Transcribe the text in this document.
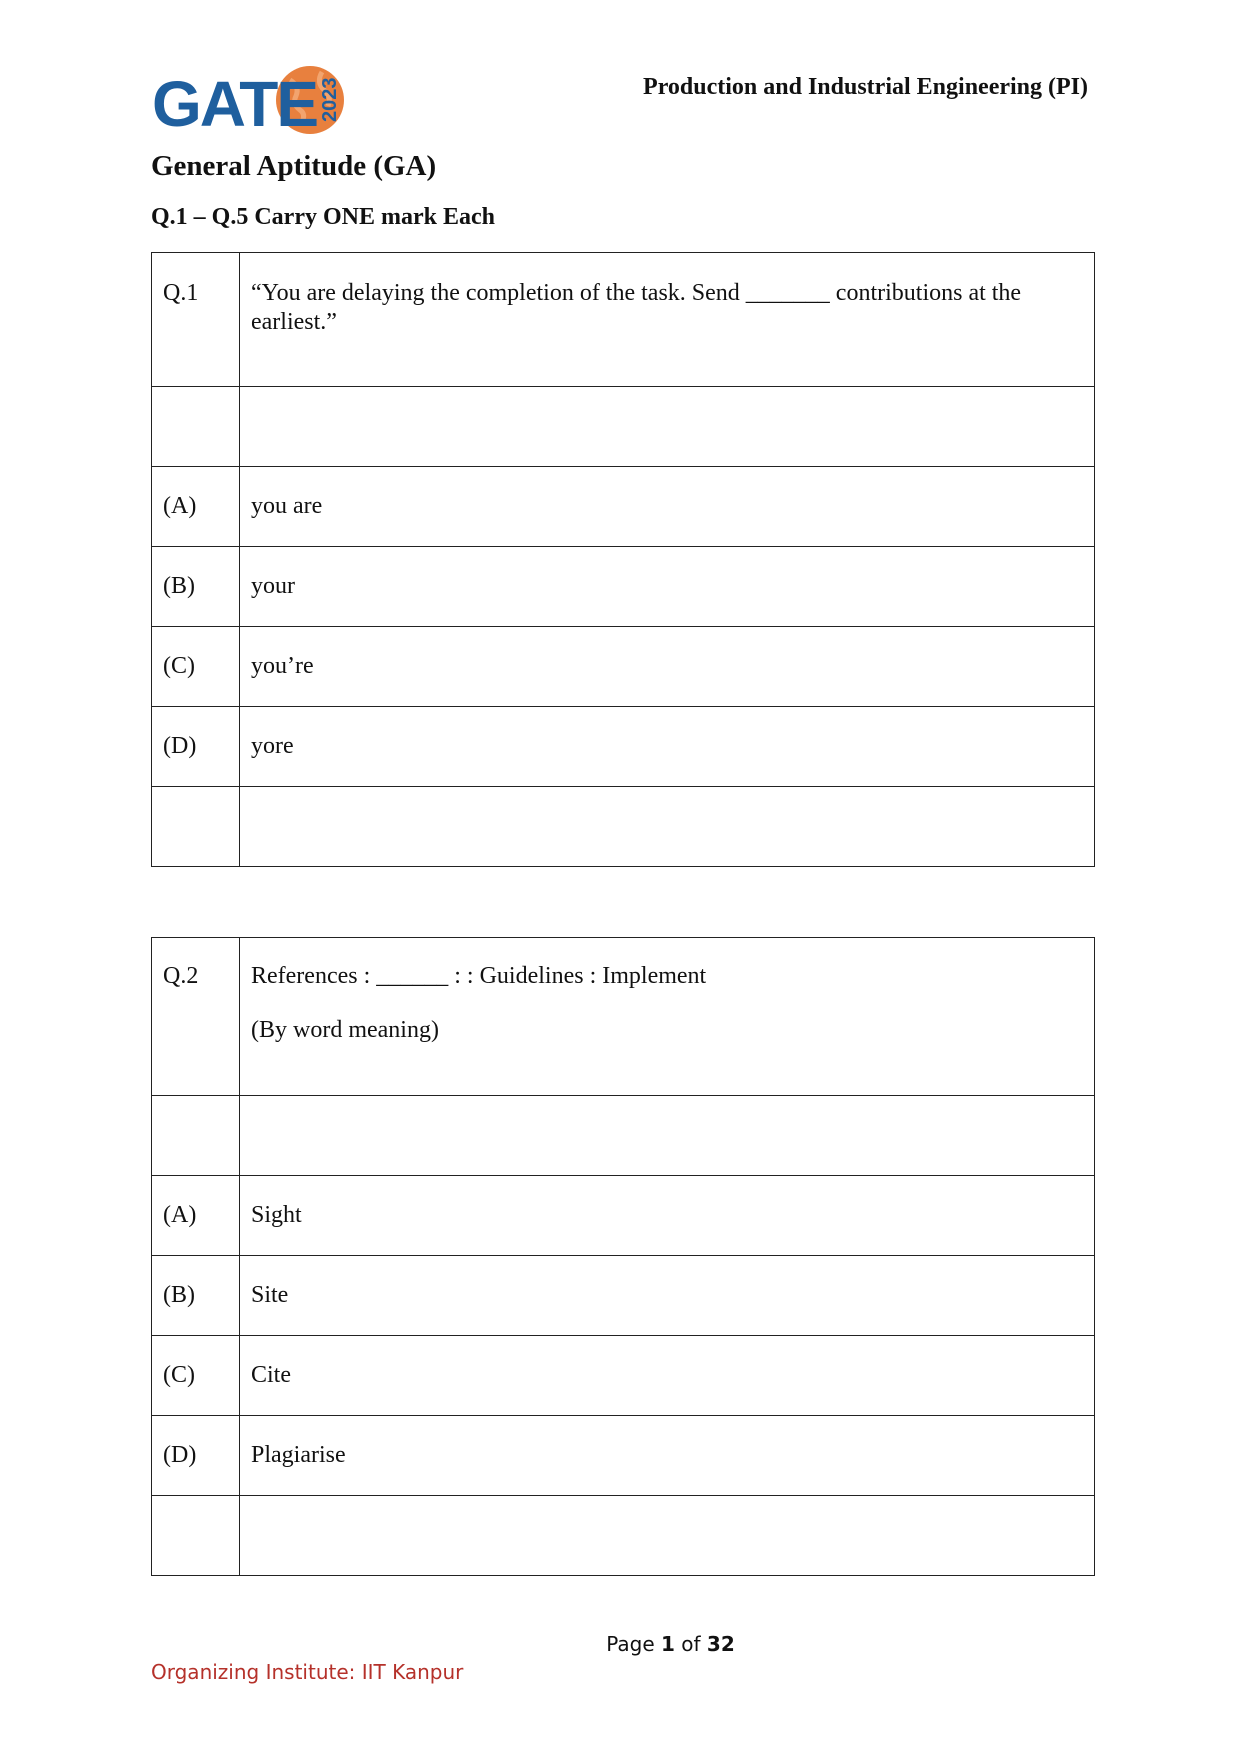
GATE 2023	Production and Industrial Engineering (PI)
General Aptitude (GA)
Q.1 – Q.5 Carry ONE mark Each
Q.1	“You are delaying the completion of the task. Send _______ contributions at the earliest.”

(A)	you are
(B)	your
(C)	you’re
(D)	yore

Q.2	References : ______ : : Guidelines : Implement
(By word meaning)

(A)	Sight
(B)	Site
(C)	Cite
(D)	Plagiarise

Page 1 of 32
Organizing Institute: IIT Kanpur
